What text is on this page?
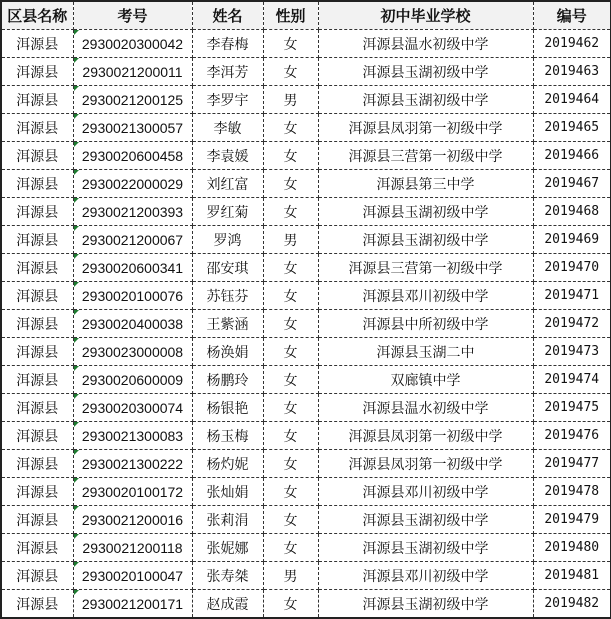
区县名称	考号	姓名	性别	初中毕业学校	编号
洱源县	2930020300042	李春梅	女	洱源县温水初级中学	2019462
洱源县	2930021200011	李洱芳	女	洱源县玉湖初级中学	2019463
洱源县	2930021200125	李罗宇	男	洱源县玉湖初级中学	2019464
洱源县	2930021300057	李敏	女	洱源县凤羽第一初级中学	2019465
洱源县	2930020600458	李袁媛	女	洱源县三营第一初级中学	2019466
洱源县	2930022000029	刘红富	女	洱源县第三中学	2019467
洱源县	2930021200393	罗红菊	女	洱源县玉湖初级中学	2019468
洱源县	2930021200067	罗鸿	男	洱源县玉湖初级中学	2019469
洱源县	2930020600341	邵安琪	女	洱源县三营第一初级中学	2019470
洱源县	2930020100076	苏钰芬	女	洱源县邓川初级中学	2019471
洱源县	2930020400038	王紫涵	女	洱源县中所初级中学	2019472
洱源县	2930023000008	杨涣娟	女	洱源县玉湖二中	2019473
洱源县	2930020600009	杨鹏玲	女	双廊镇中学	2019474
洱源县	2930020300074	杨银艳	女	洱源县温水初级中学	2019475
洱源县	2930021300083	杨玉梅	女	洱源县凤羽第一初级中学	2019476
洱源县	2930021300222	杨灼妮	女	洱源县凤羽第一初级中学	2019477
洱源县	2930020100172	张灿娟	女	洱源县邓川初级中学	2019478
洱源县	2930021200016	张莉涓	女	洱源县玉湖初级中学	2019479
洱源县	2930021200118	张妮娜	女	洱源县玉湖初级中学	2019480
洱源县	2930020100047	张寿桀	男	洱源县邓川初级中学	2019481
洱源县	2930021200171	赵成霞	女	洱源县玉湖初级中学	2019482
